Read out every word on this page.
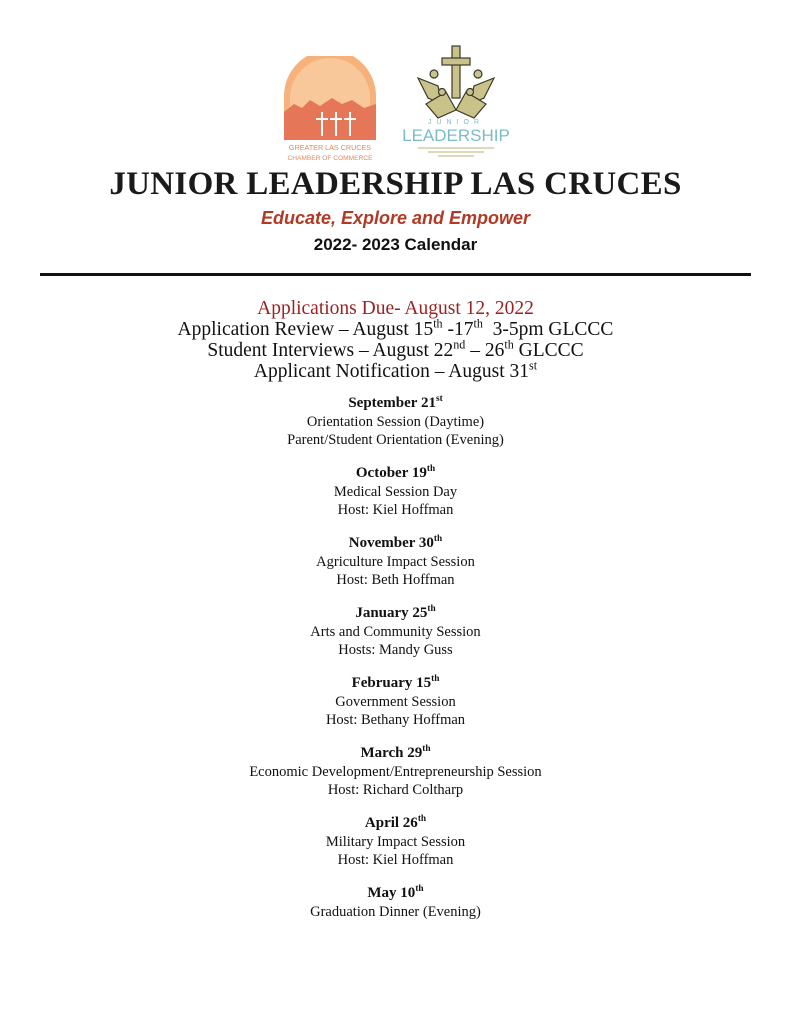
GREATER LAS CRUCES
CHAMBER OF COMMERCE
JUNIOR
LEADERSHIP
JUNIOR LEADERSHIP LAS CRUCES
Educate, Explore and Empower
2022- 2023 Calendar
Applications Due- August 12, 2022
Application Review – August 15th -17th  3-5pm GLCCC
Student Interviews – August 22nd – 26th GLCCC
Applicant Notification – August 31st
September 21st
Orientation Session (Daytime)
Parent/Student Orientation (Evening)
October 19th
Medical Session Day
Host: Kiel Hoffman
November 30th
Agriculture Impact Session
Host: Beth Hoffman
January 25th
Arts and Community Session
Hosts: Mandy Guss
February 15th
Government Session
Host: Bethany Hoffman
March 29th
Economic Development/Entrepreneurship Session
Host: Richard Coltharp
April 26th
Military Impact Session
Host: Kiel Hoffman
May 10th
Graduation Dinner (Evening)
